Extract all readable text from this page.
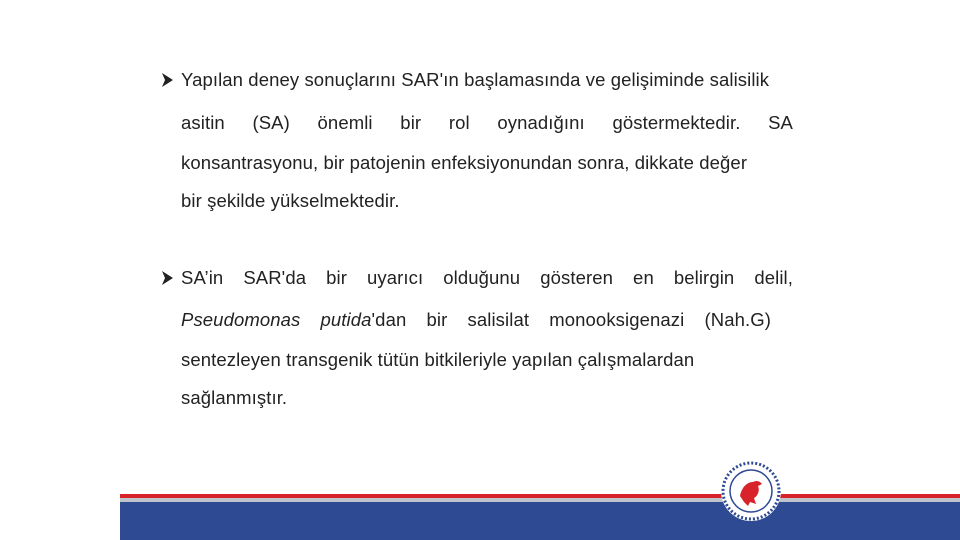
Yapılan deney sonuçlarını SAR'ın başlamasında ve gelişiminde salisilik
asitin (SA) önemli bir rol oynadığını göstermektedir. SA
konsantrasyonu, bir patojenin enfeksiyonundan sonra, dikkate değer
bir şekilde yükselmektedir.
SA’in SAR'da bir uyarıcı olduğunu gösteren en belirgin delil,
Pseudomonas putida'dan bir salisilat monooksigenazi (Nah.G)
sentezleyen transgenik tütün bitkileriyle yapılan çalışmalardan
sağlanmıştır.
